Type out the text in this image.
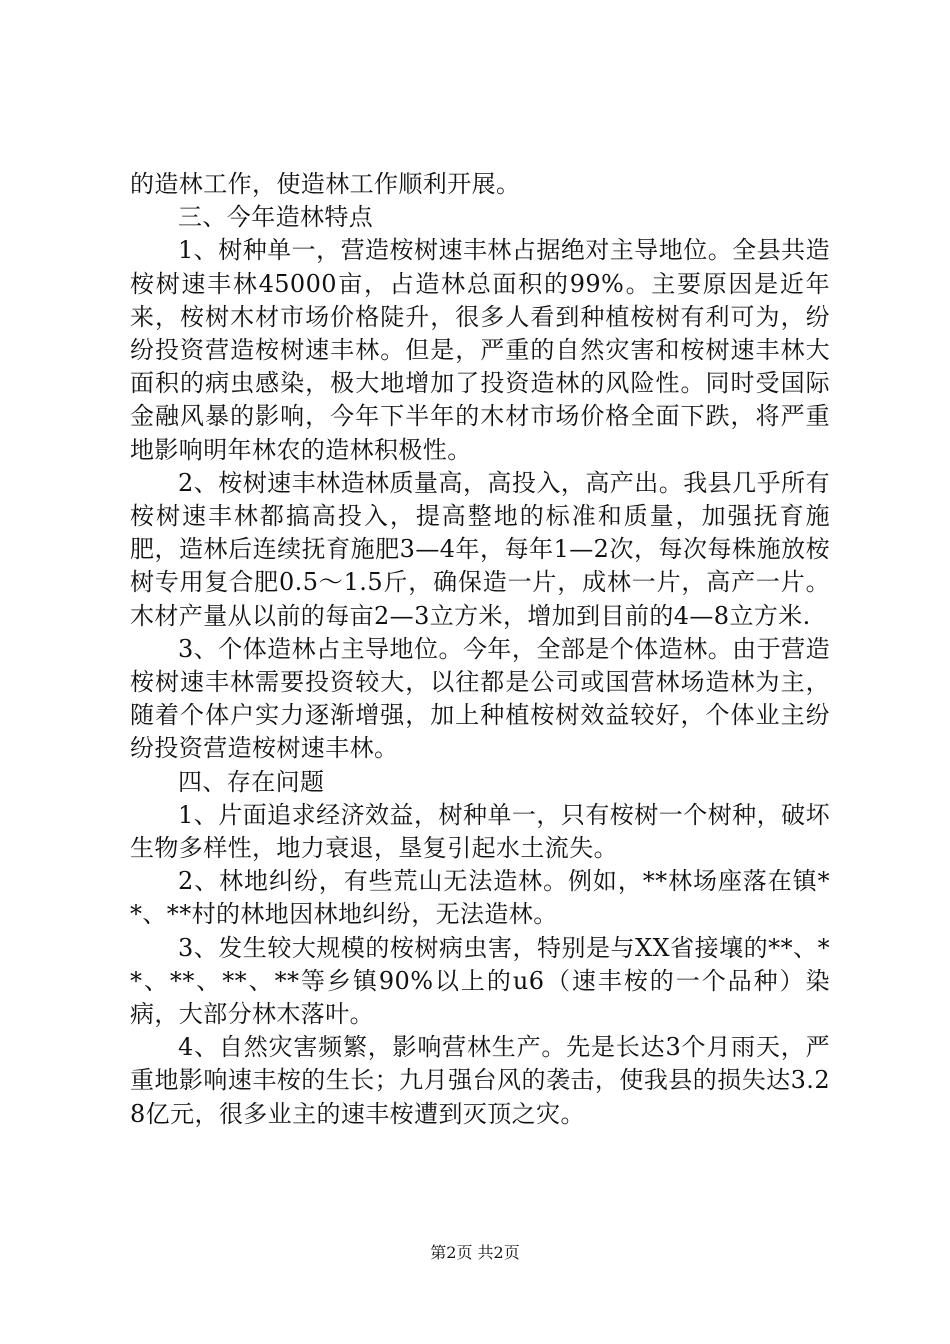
的造林工作，使造林工作顺利开展。

三、今年造林特点

1、树种单一，营造桉树速丰林占据绝对主导地位。全县共造桉树速丰林45000亩，占造林总面积的99%。主要原因是近年来，桉树木材市场价格陡升，很多人看到种植桉树有利可为，纷纷投资营造桉树速丰林。但是，严重的自然灾害和桉树速丰林大面积的病虫感染，极大地增加了投资造林的风险性。同时受国际金融风暴的影响，今年下半年的木材市场价格全面下跌，将严重地影响明年林农的造林积极性。

2、桉树速丰林造林质量高，高投入，高产出。我县几乎所有桉树速丰林都搞高投入，提高整地的标准和质量，加强抚育施肥，造林后连续抚育施肥3—4年，每年1—2次，每次每株施放桉树专用复合肥0.5～1.5斤，确保造一片，成林一片，高产一片。木材产量从以前的每亩2—3立方米，增加到目前的4—8立方米.

3、个体造林占主导地位。今年，全部是个体造林。由于营造桉树速丰林需要投资较大，以往都是公司或国营林场造林为主，随着个体户实力逐渐增强，加上种植桉树效益较好，个体业主纷纷投资营造桉树速丰林。

四、存在问题

1、片面追求经济效益，树种单一，只有桉树一个树种，破坏生物多样性，地力衰退，垦复引起水土流失。

2、林地纠纷，有些荒山无法造林。例如，**林场座落在镇**、**村的林地因林地纠纷，无法造林。

3、发生较大规模的桉树病虫害，特别是与XX省接壤的**、**、**、**、**等乡镇90%以上的u6（速丰桉的一个品种）染病，大部分林木落叶。

4、自然灾害频繁，影响营林生产。先是长达3个月雨天，严重地影响速丰桉的生长；九月强台风的袭击，使我县的损失达3.28亿元，很多业主的速丰桉遭到灭顶之灾。

第2页 共2页
